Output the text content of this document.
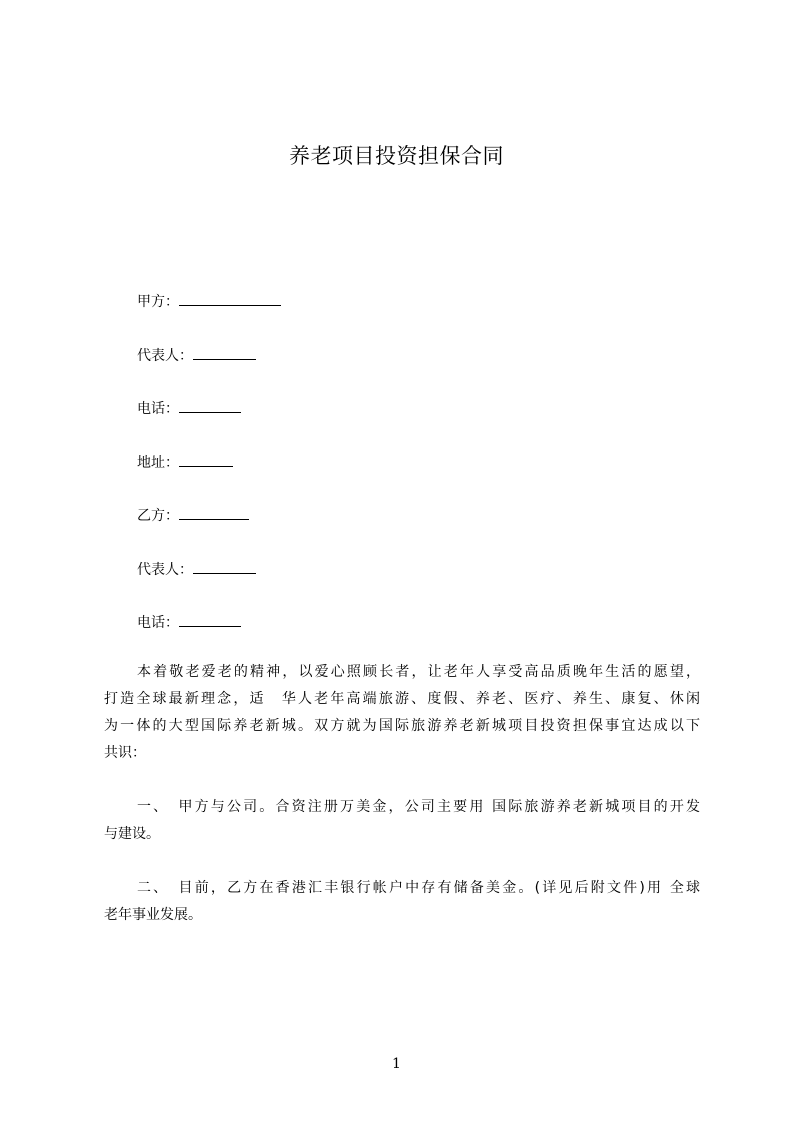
养老项目投资担保合同
甲方：
代表人：
电话：
地址：
乙方：
代表人：
电话：
本着敬老爱老的精神，以爱心照顾长者，让老年人享受高品质晚年生活的愿望，
打造全球最新理念，适　华人老年高端旅游、度假、养老、医疗、养生、康复、休闲
为一体的大型国际养老新城。双方就为国际旅游养老新城项目投资担保事宜达成以下
共识：
一、　甲方与公司。合资注册万美金，公司主要用 国际旅游养老新城项目的开发
与建设。
二、　目前，乙方在香港汇丰银行帐户中存有储备美金。(详见后附文件)用 全球
老年事业发展。
1
